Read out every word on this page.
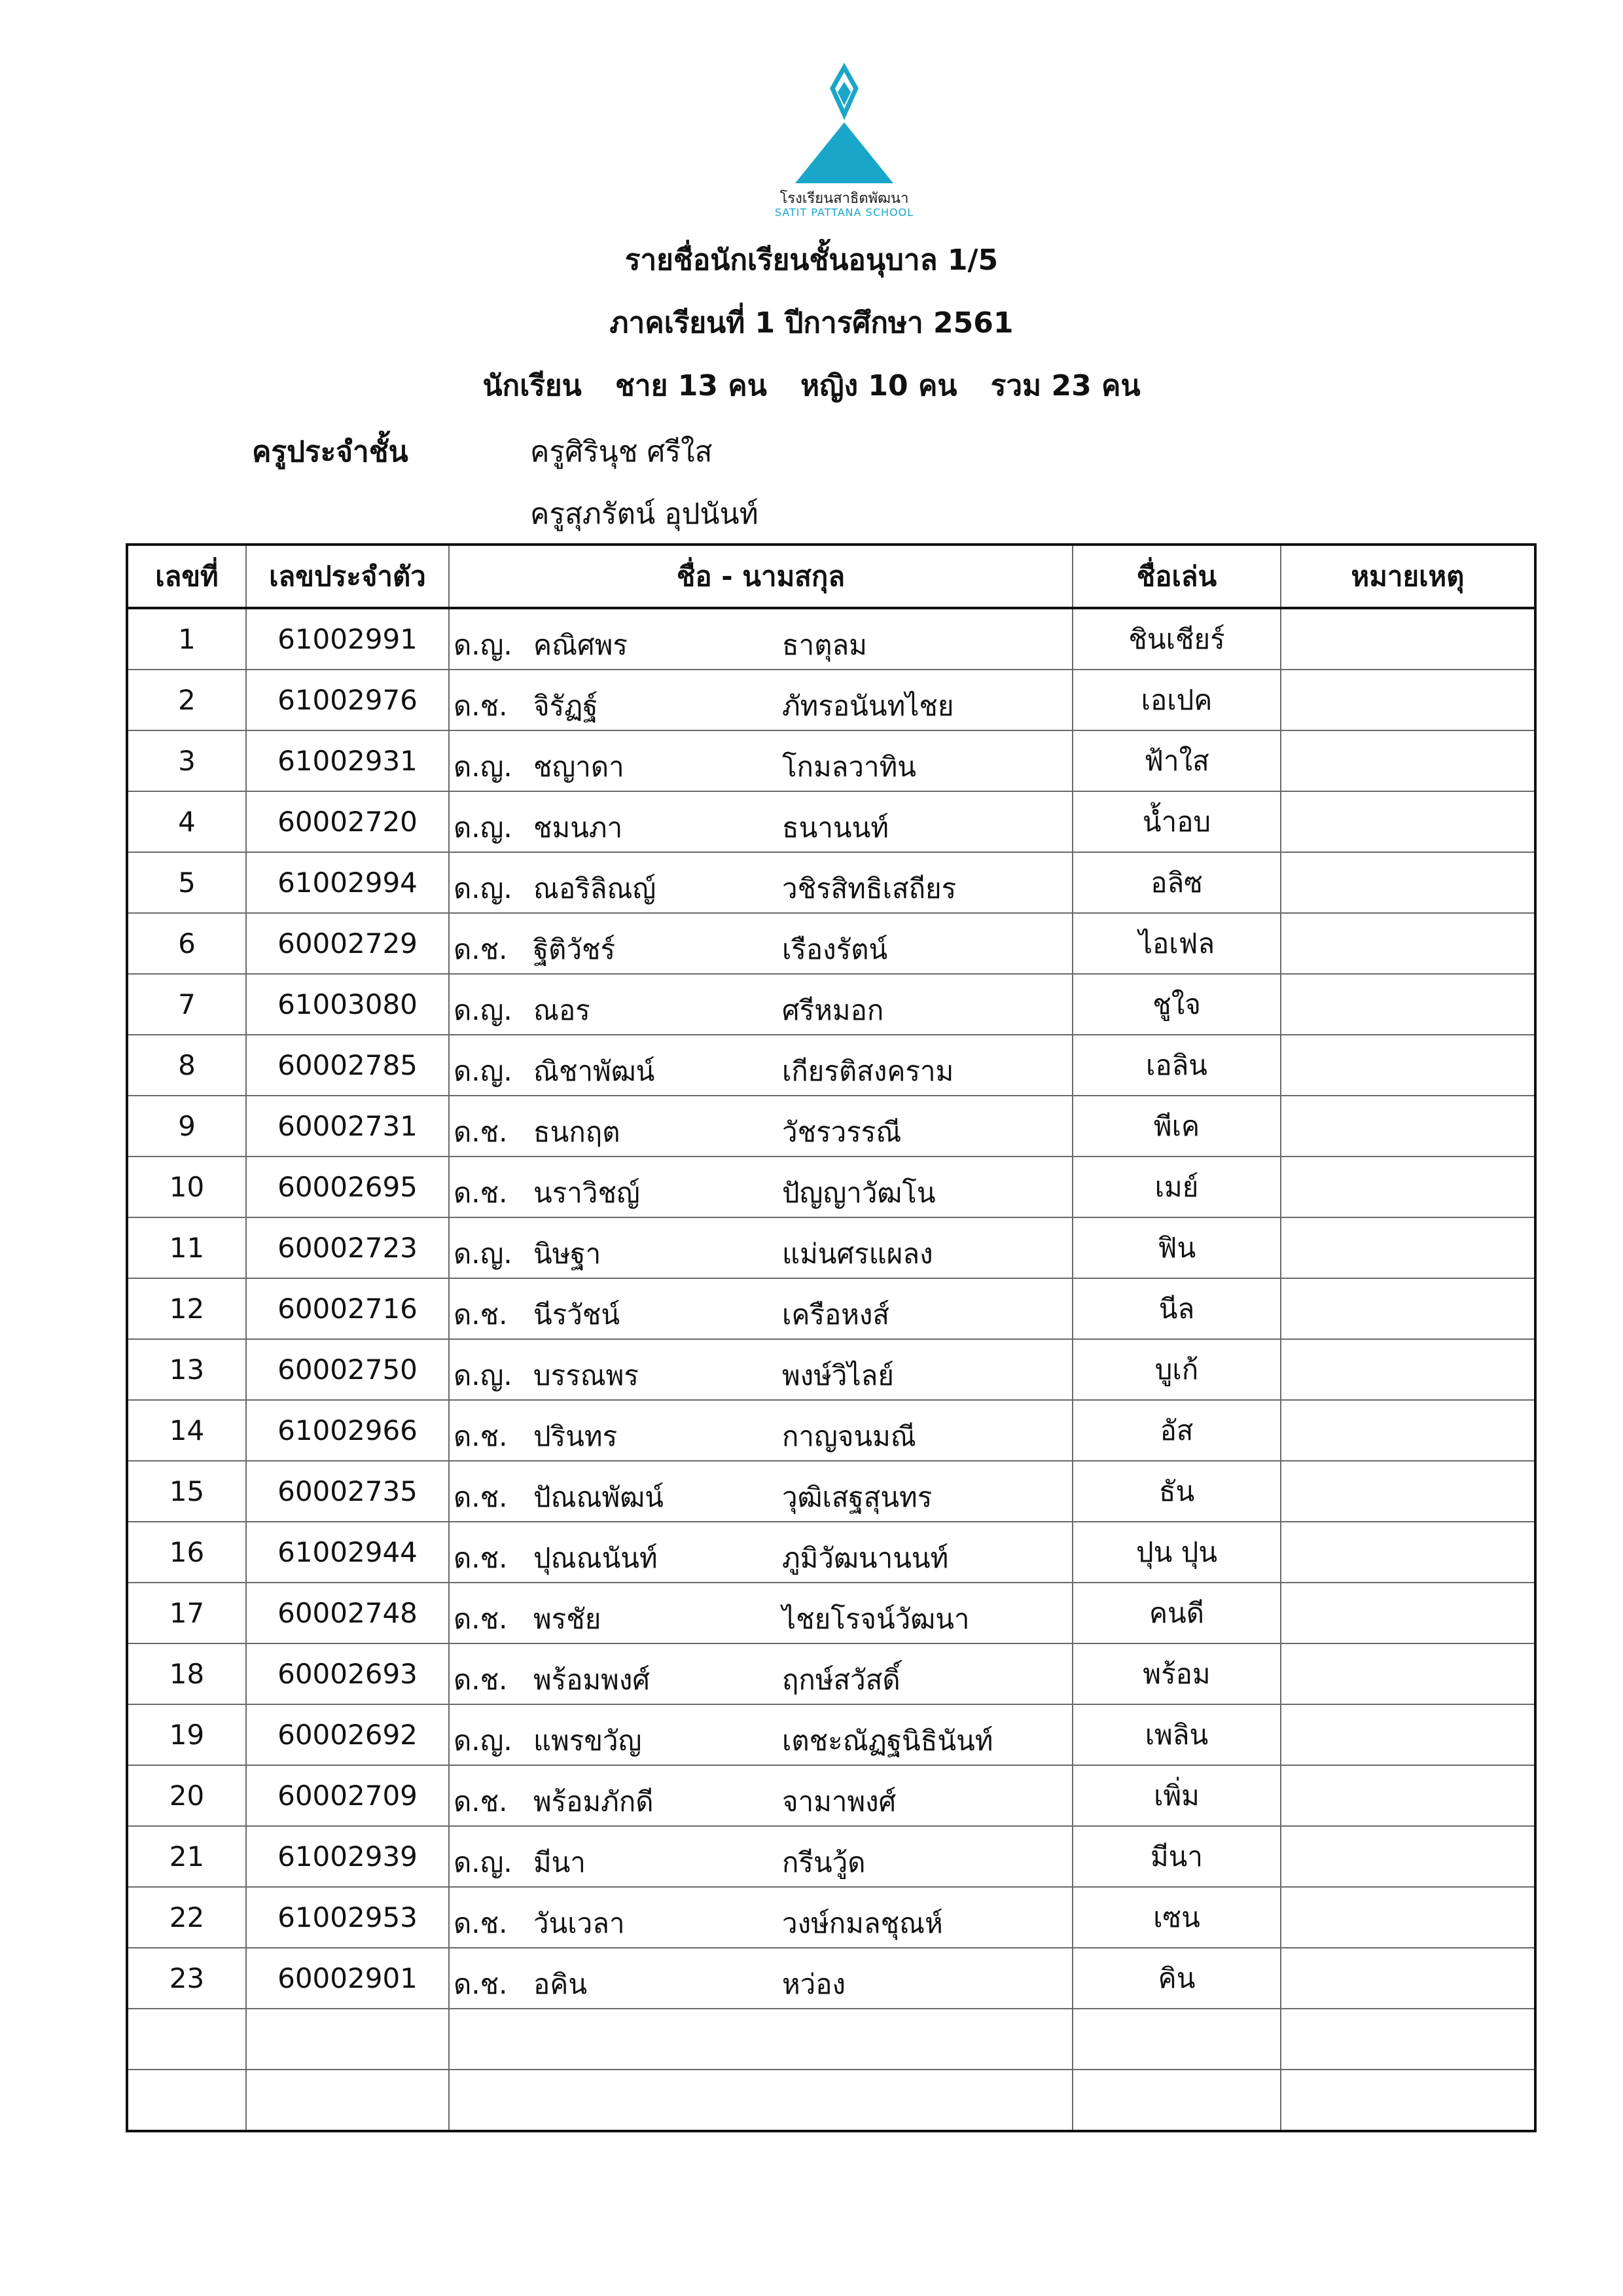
โรงเรียนสาธิตพัฒนา
SATIT PATTANA SCHOOL
รายชื่อนักเรียนชั้นอนุบาล 1/5
ภาคเรียนที่ 1 ปีการศึกษา 2561
นักเรียน ชาย 13 คน หญิง 10 คน รวม 23 คน
ครูประจำชั้น	ครูศิรินุช ศรีใส
ครูสุภรัตน์ อุปนันท์
เลขที่	เลขประจำตัว	ชื่อ - นามสกุล	ชื่อเล่น	หมายเหตุ
1	61002991	ด.ญ. คณิศพร ธาตุลม	ชินเชียร์	
2	61002976	ด.ช. จิรัฏฐ์ ภัทรอนันทไชย	เอเปค	
3	61002931	ด.ญ. ชญาดา โกมลวาทิน	ฟ้าใส	
4	60002720	ด.ญ. ชมนภา ธนานนท์	น้ำอบ	
5	61002994	ด.ญ. ณอริลิณญ์ วชิรสิทธิเสถียร	อลิซ	
6	60002729	ด.ช. ฐิติวัชร์ เรืองรัตน์	ไอเฟล	
7	61003080	ด.ญ. ณอร ศรีหมอก	ชูใจ	
8	60002785	ด.ญ. ณิชาพัฒน์ เกียรติสงคราม	เอลิน	
9	60002731	ด.ช. ธนกฤต วัชรวรรณี	พีเค	
10	60002695	ด.ช. นราวิชญ์ ปัญญาวัฒโน	เมย์	
11	60002723	ด.ญ. นิษฐา แม่นศรแผลง	ฟิน	
12	60002716	ด.ช. นีรวัชน์ เครือหงส์	นีล	
13	60002750	ด.ญ. บรรณพร พงษ์วิไลย์	บูเก้	
14	61002966	ด.ช. ปรินทร กาญจนมณี	อัส	
15	60002735	ด.ช. ปัณณพัฒน์ วุฒิเสฐสุนทร	ธัน	
16	61002944	ด.ช. ปุณณนันท์ ภูมิวัฒนานนท์	ปุน ปุน	
17	60002748	ด.ช. พรชัย ไชยโรจน์วัฒนา	คนดี	
18	60002693	ด.ช. พร้อมพงศ์ ฤกษ์สวัสดิ์	พร้อม	
19	60002692	ด.ญ. แพรขวัญ เตชะณัฏฐนิธินันท์	เพลิน	
20	60002709	ด.ช. พร้อมภักดี จามาพงศ์	เพิ่ม	
21	61002939	ด.ญ. มีนา กรีนวู้ด	มีนา	
22	61002953	ด.ช. วันเวลา วงษ์กมลชุณห์	เซน	
23	60002901	ด.ช. อคิน หว่อง	คิน	
